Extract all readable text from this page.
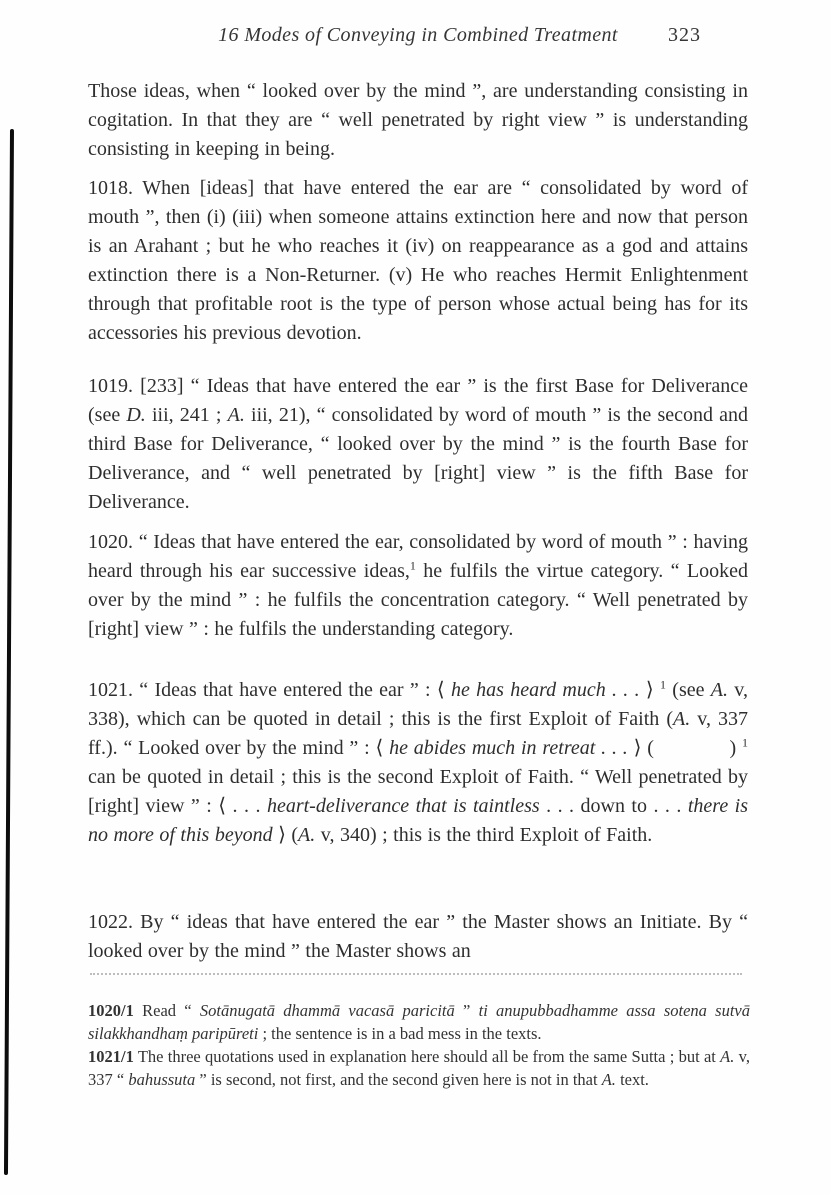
16 Modes of Conveying in Combined Treatment	323

Those ideas, when “ looked over by the mind ”, are understanding consisting in cogitation. In that they are “ well penetrated by right view ” is understanding consisting in keeping in being.

1018. When [ideas] that have entered the ear are “ consolidated by word of mouth ”, then (i) (iii) when someone attains extinction here and now that person is an Arahant ; but he who reaches it (iv) on reappearance as a god and attains extinction there is a Non-Returner. (v) He who reaches Hermit Enlightenment through that profitable root is the type of person whose actual being has for its accessories his previous devotion.

1019. [233] “ Ideas that have entered the ear ” is the first Base for Deliverance (see D. iii, 241 ; A. iii, 21), “ consolidated by word of mouth ” is the second and third Base for Deliverance, “ looked over by the mind ” is the fourth Base for Deliverance, and “ well penetrated by [right] view ” is the fifth Base for Deliverance.

1020. “ Ideas that have entered the ear, consolidated by word of mouth ” : having heard through his ear successive ideas,$^1$ he fulfils the virtue category. “ Looked over by the mind ” : he fulfils the concentration category. “ Well penetrated by [right] view ” : he fulfils the understanding category.

1021. “ Ideas that have entered the ear ” : ⟨ he has heard much . . . ⟩ $^1$ (see A. v, 338), which can be quoted in detail ; this is the first Exploit of Faith (A. v, 337 ff.). “ Looked over by the mind ” : ⟨ he abides much in retreat . . . ⟩ (             ) $^1$ can be quoted in detail ; this is the second Exploit of Faith. “ Well penetrated by [right] view ” : ⟨ . . . heart-deliverance that is taintless . . . down to . . . there is no more of this beyond ⟩ (A. v, 340) ; this is the third Exploit of Faith.

1022. By “ ideas that have entered the ear ” the Master shows an Initiate. By “ looked over by the mind ” the Master shows an

1020/1 Read “ Sotānugatā dhammā vacasā paricitā ” ti anupubbadhamme assa sotena sutvā silakkhandhaṃ paripūreti ; the sentence is in a bad mess in the texts.

1021/1 The three quotations used in explanation here should all be from the same Sutta ; but at A. v, 337 “ bahussuta ” is second, not first, and the second given here is not in that A. text.
